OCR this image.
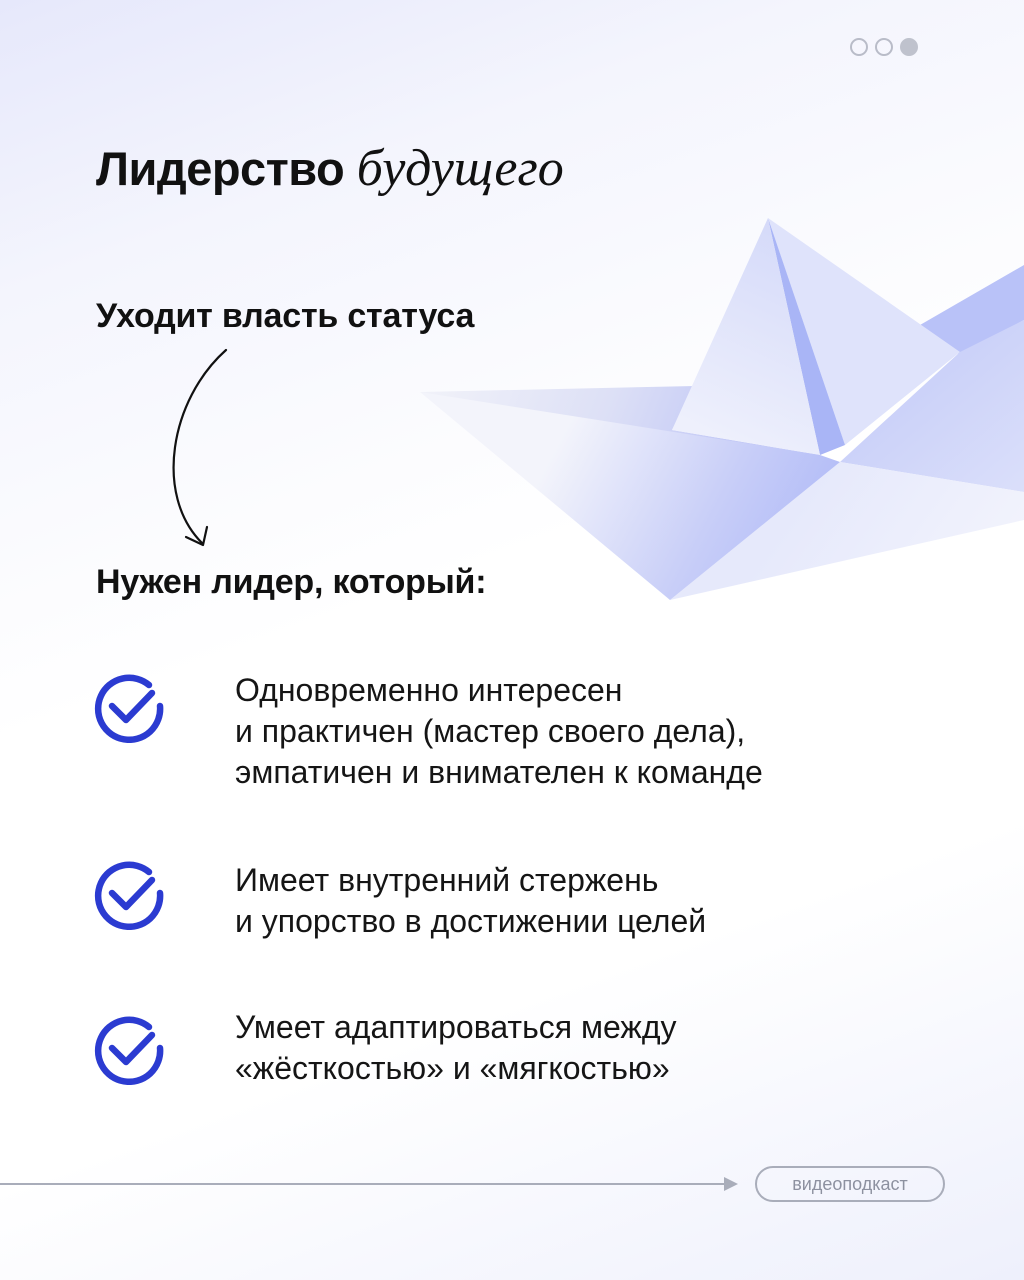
Лидерство будущего
Уходит власть статуса
Нужен лидер, который:

Одновременно интересен
и практичен (мастер своего дела),
эмпатичен и внимателен к команде

Имеет внутренний стержень
и упорство в достижении целей

Умеет адаптироваться между
«жёсткостью» и «мягкостью»

видеоподкаст
